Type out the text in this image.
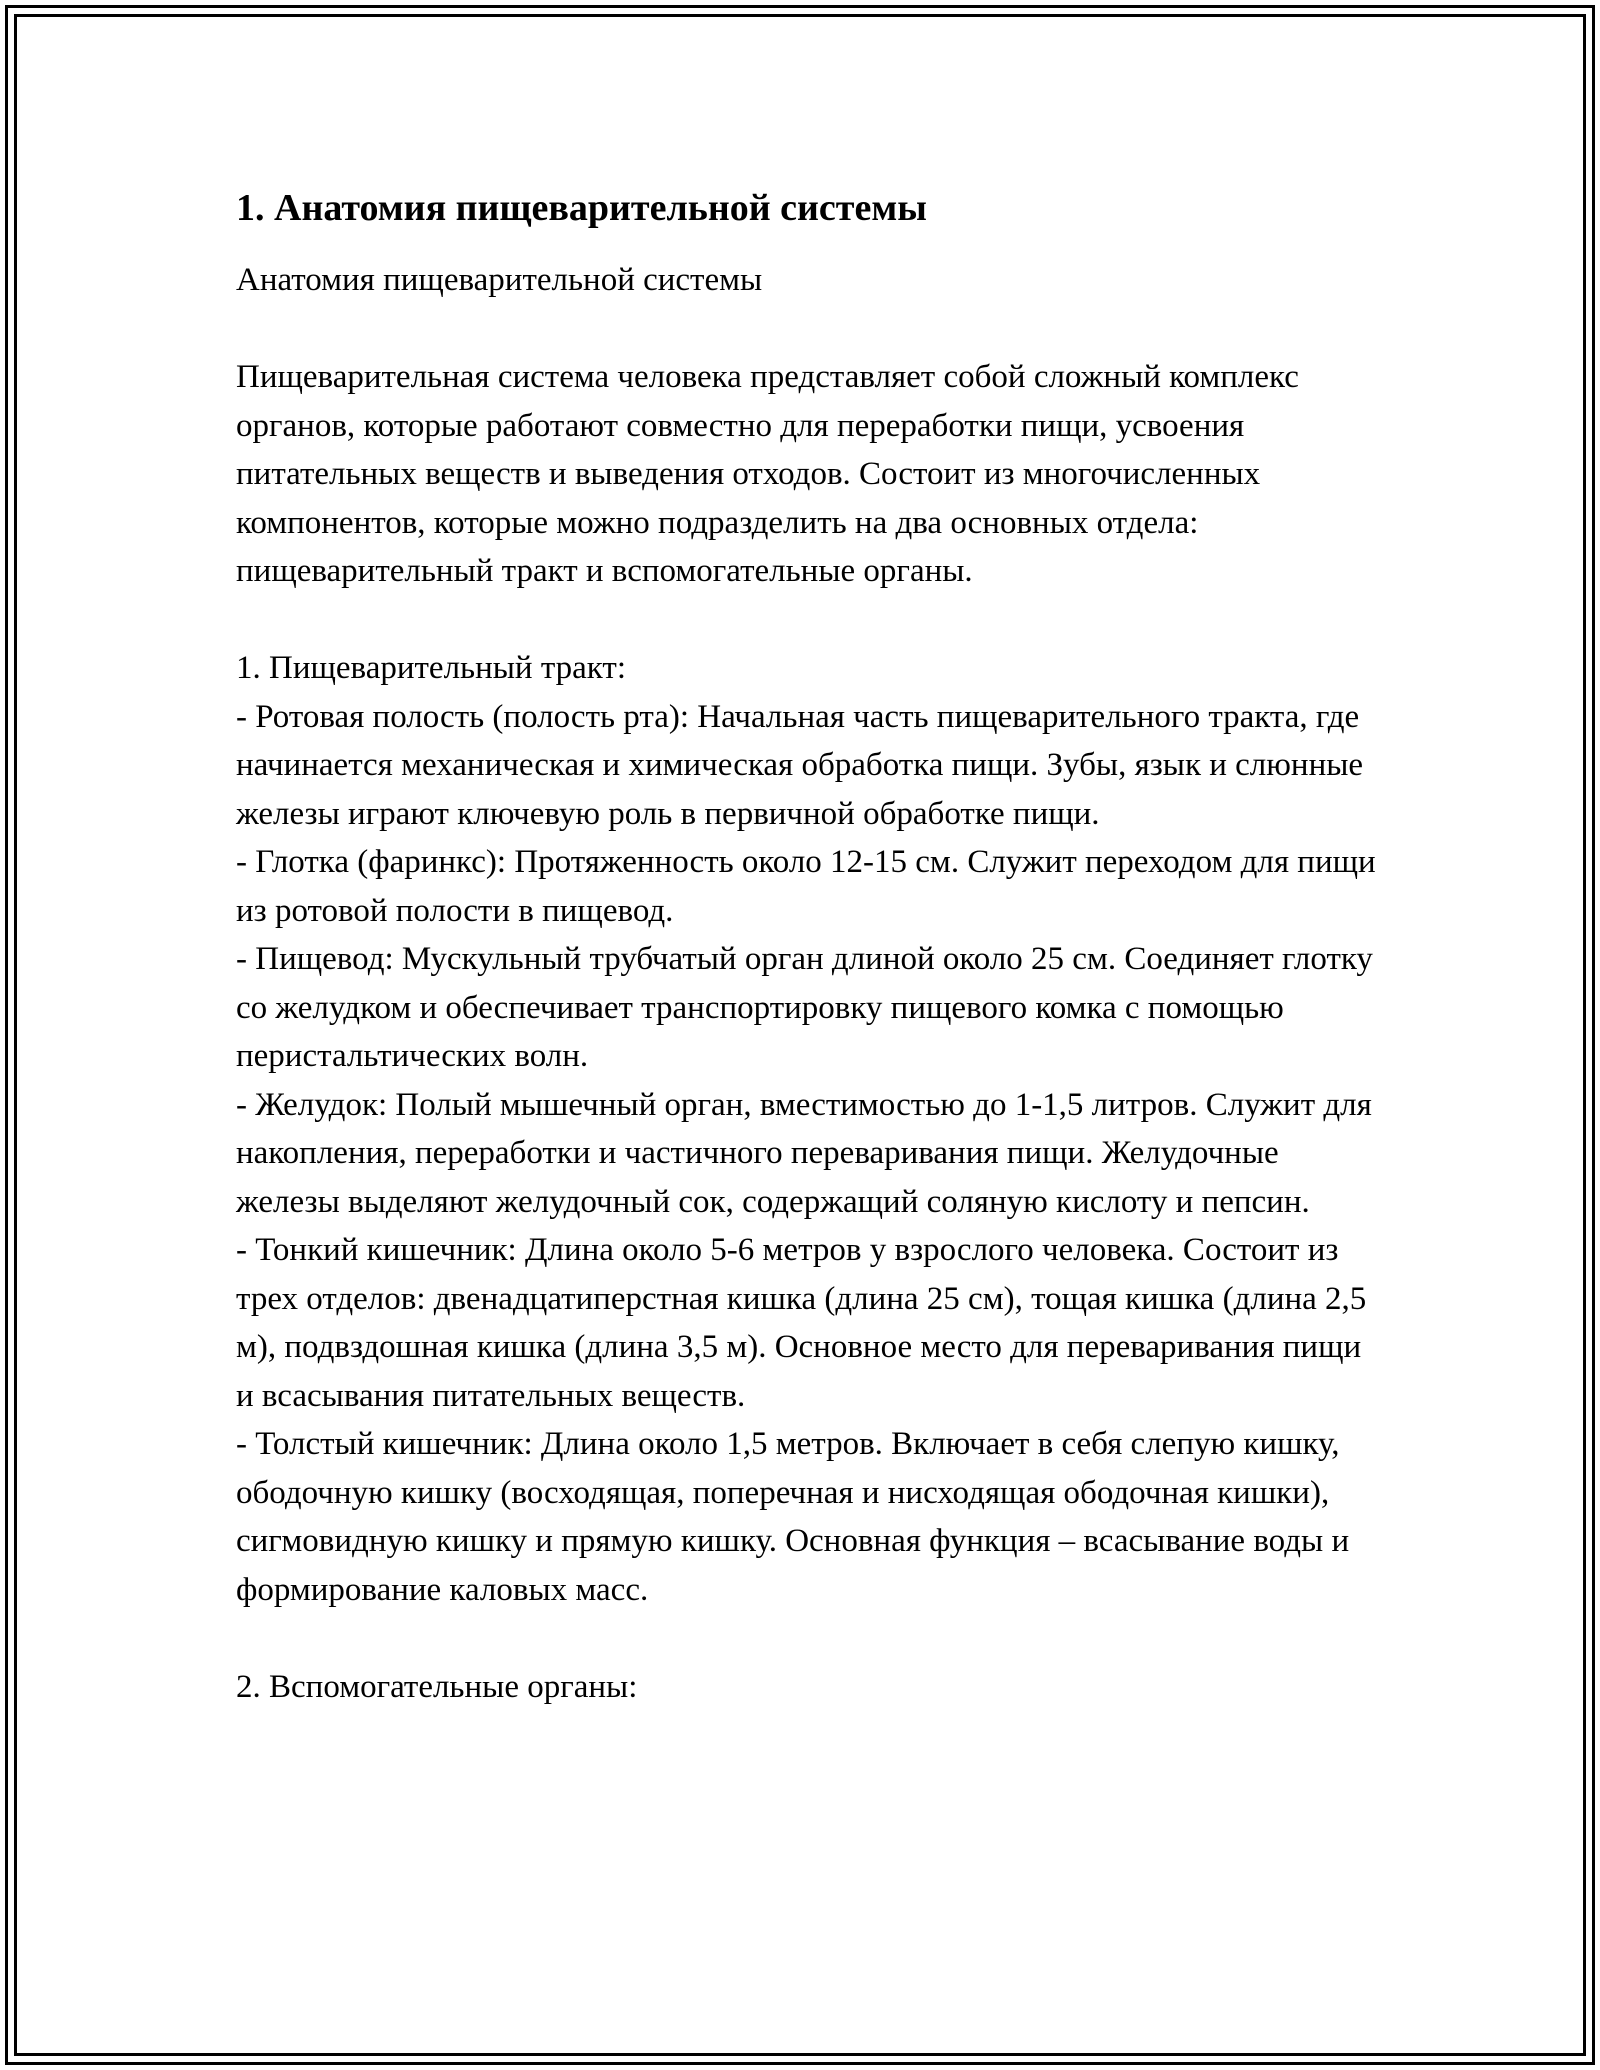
1. Анатомия пищеварительной системы
Анатомия пищеварительной системы
Пищеварительная система человека представляет собой сложный комплекс органов, которые работают совместно для переработки пищи, усвоения питательных веществ и выведения отходов. Состоит из многочисленных компонентов, которые можно подразделить на два основных отдела: пищеварительный тракт и вспомогательные органы.
1. Пищеварительный тракт:
- Ротовая полость (полость рта): Начальная часть пищеварительного тракта, где начинается механическая и химическая обработка пищи. Зубы, язык и слюнные железы играют ключевую роль в первичной обработке пищи.
- Глотка (фаринкс): Протяженность около 12-15 см. Служит переходом для пищи из ротовой полости в пищевод.
- Пищевод: Мускульный трубчатый орган длиной около 25 см. Соединяет глотку со желудком и обеспечивает транспортировку пищевого комка с помощью перистальтических волн.
- Желудок: Полый мышечный орган, вместимостью до 1-1,5 литров. Служит для накопления, переработки и частичного переваривания пищи. Желудочные железы выделяют желудочный сок, содержащий соляную кислоту и пепсин.
- Тонкий кишечник: Длина около 5-6 метров у взрослого человека. Состоит из трех отделов: двенадцатиперстная кишка (длина 25 см), тощая кишка (длина 2,5 м), подвздошная кишка (длина 3,5 м). Основное место для переваривания пищи и всасывания питательных веществ.
- Толстый кишечник: Длина около 1,5 метров. Включает в себя слепую кишку, ободочную кишку (восходящая, поперечная и нисходящая ободочная кишки), сигмовидную кишку и прямую кишку. Основная функция – всасывание воды и формирование каловых масс.
2. Вспомогательные органы:
